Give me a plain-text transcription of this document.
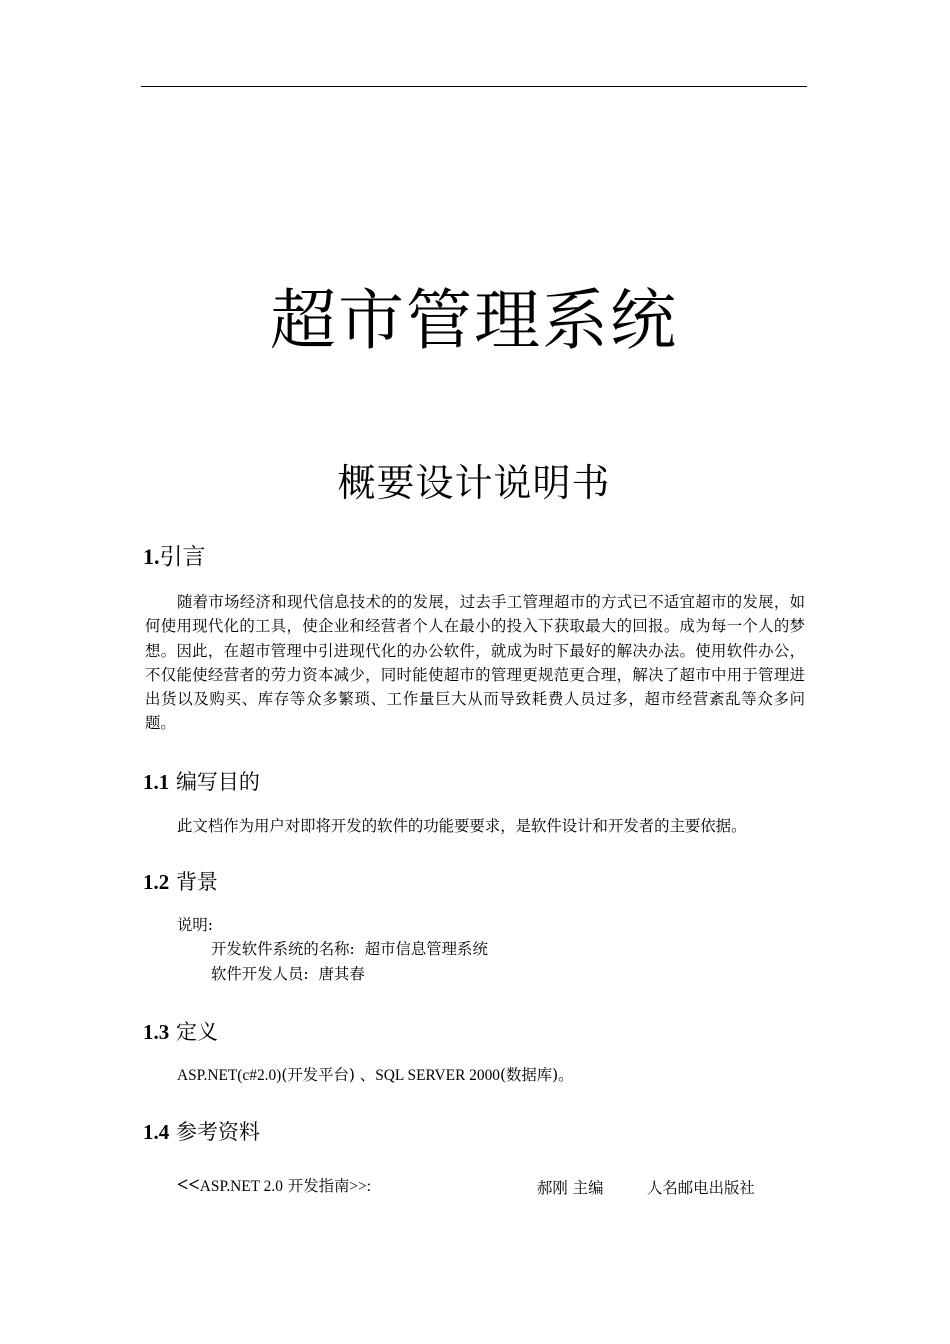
超市管理系统
概要设计说明书
1.引言
随着市场经济和现代信息技术的的发展，过去手工管理超市的方式已不适宜超市的发展，如何使用现代化的工具，使企业和经营者个人在最小的投入下获取最大的回报。成为每一个人的梦想。因此，在超市管理中引进现代化的办公软件，就成为时下最好的解决办法。使用软件办公，不仅能使经营者的劳力资本减少，同时能使超市的管理更规范更合理，解决了超市中用于管理进出货以及购买、库存等众多繁琐、工作量巨大从而导致耗费人员过多，超市经营紊乱等众多问题。
1.1 编写目的
此文档作为用户对即将开发的软件的功能要要求，是软件设计和开发者的主要依据。
1.2 背景
说明:
开发软件系统的名称: 超市信息管理系统
软件开发人员: 唐其春
1.3 定义
ASP.NET(c#2.0)(开发平台) 、SQL SERVER 2000(数据库)。
1.4 参考资料
<<ASP.NET 2.0 开发指南>>:	郝刚 主编	人名邮电出版社
